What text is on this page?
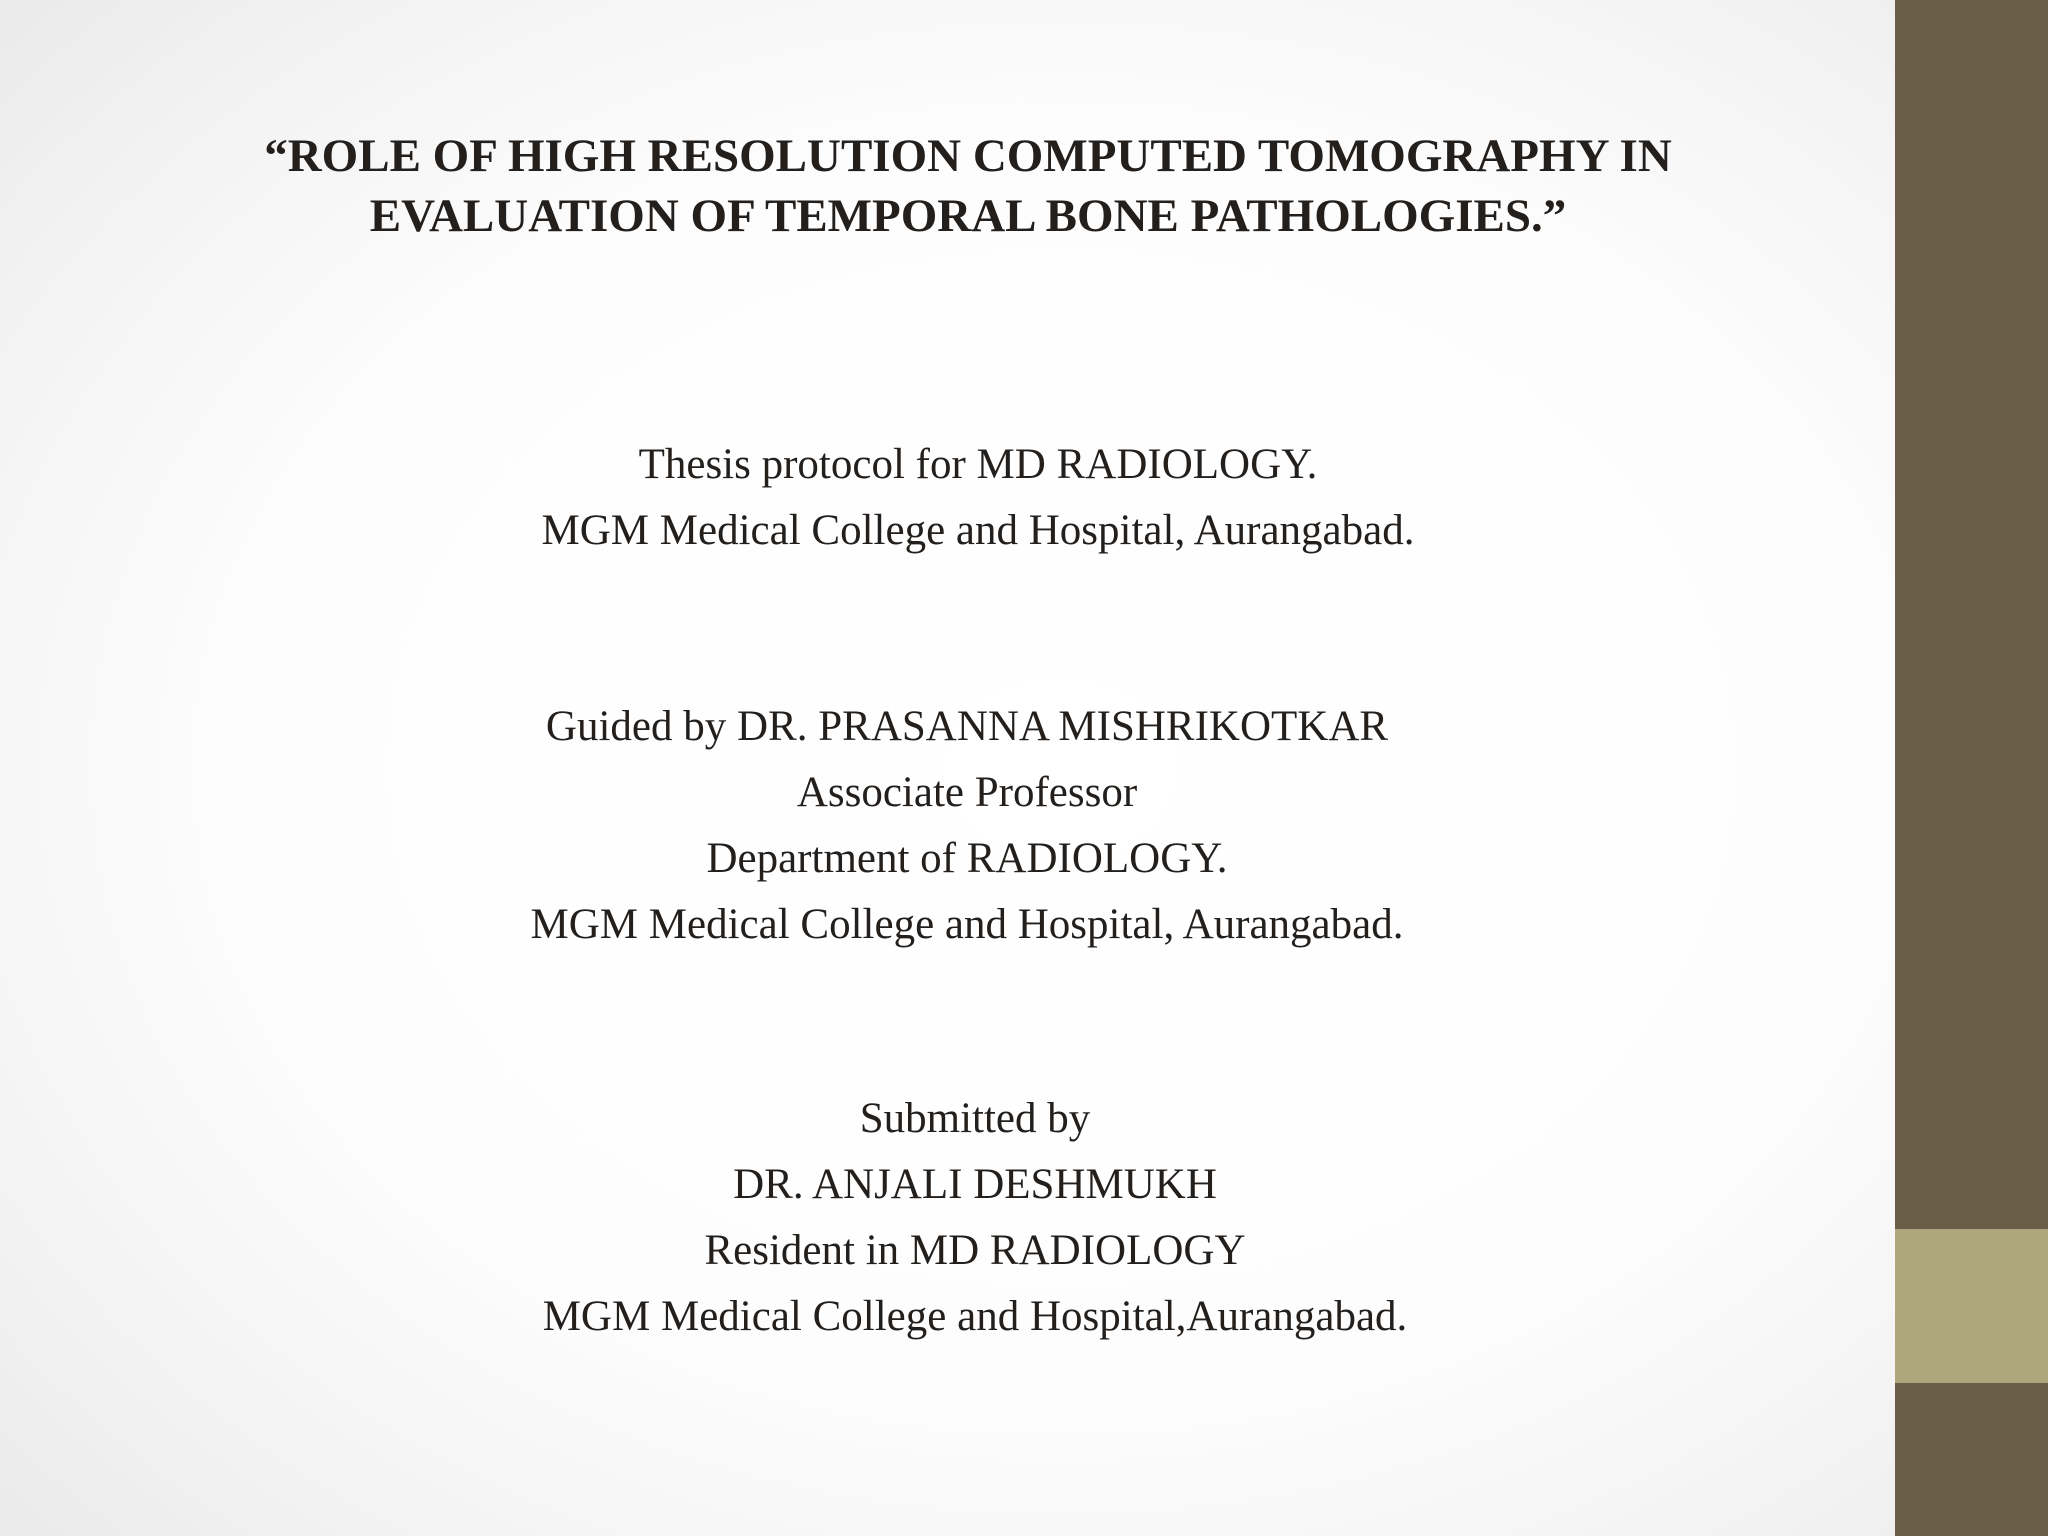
“ROLE OF HIGH RESOLUTION COMPUTED TOMOGRAPHY IN
EVALUATION OF TEMPORAL BONE PATHOLOGIES.”
Thesis protocol for MD RADIOLOGY.
MGM Medical College and Hospital, Aurangabad.
Guided by DR. PRASANNA MISHRIKOTKAR
Associate Professor
Department of RADIOLOGY.
MGM Medical College and Hospital, Aurangabad.
Submitted by
DR. ANJALI DESHMUKH
Resident in MD RADIOLOGY
MGM Medical College and Hospital,Aurangabad.
